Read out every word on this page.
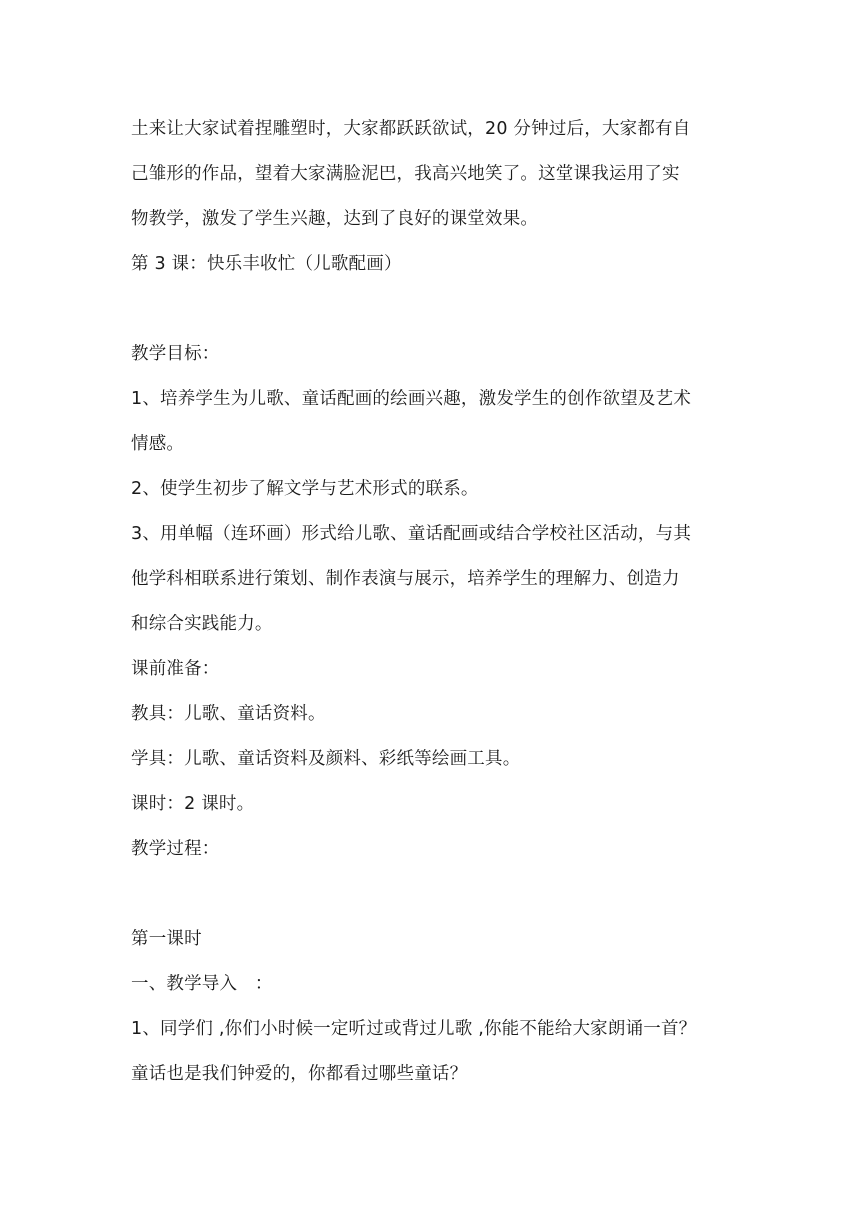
土来让大家试着捏雕塑时，大家都跃跃欲试，20 分钟过后，大家都有自
己雏形的作品，望着大家满脸泥巴，我高兴地笑了。这堂课我运用了实
物教学，激发了学生兴趣，达到了良好的课堂效果。
第 3 课：快乐丰收忙（儿歌配画）
教学目标：
1、培养学生为儿歌、童话配画的绘画兴趣，激发学生的创作欲望及艺术
情感。
2、使学生初步了解文学与艺术形式的联系。
3、用单幅（连环画）形式给儿歌、童话配画或结合学校社区活动，与其
他学科相联系进行策划、制作表演与展示，培养学生的理解力、创造力
和综合实践能力。
课前准备：
教具：儿歌、童话资料。
学具：儿歌、童话资料及颜料、彩纸等绘画工具。
课时：2 课时。
教学过程：
第一课时
一、教学导入　：
1、同学们 ,你们小时候一定听过或背过儿歌 ,你能不能给大家朗诵一首？
童话也是我们钟爱的，你都看过哪些童话？
